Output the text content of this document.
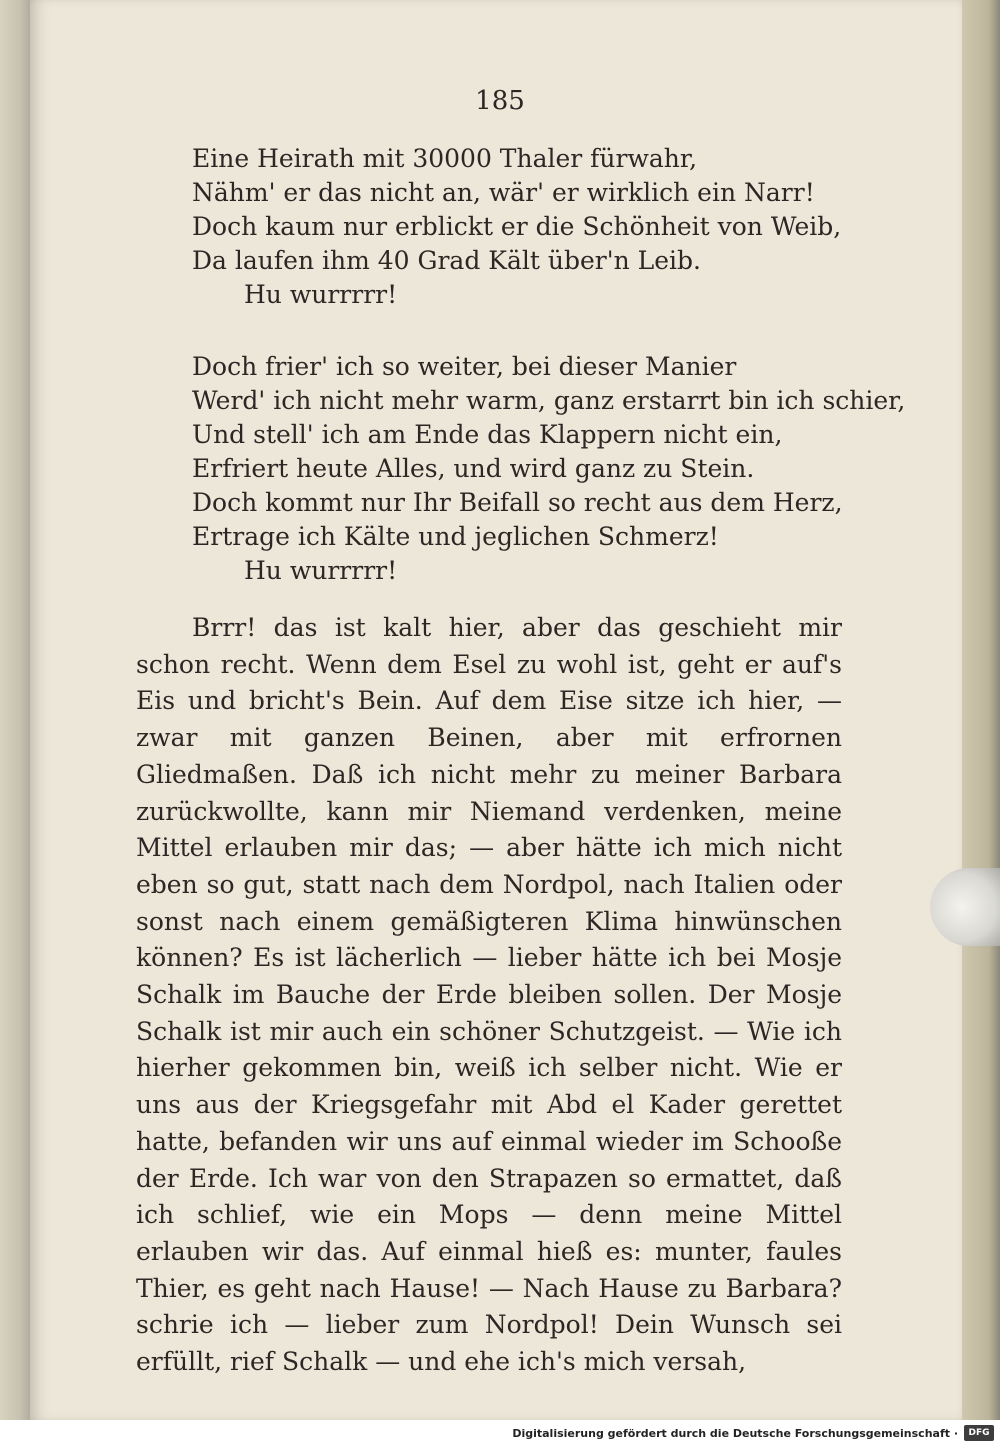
185
Eine Heirath mit 30000 Thaler fürwahr,
Nähm' er das nicht an, wär' er wirklich ein Narr!
Doch kaum nur erblickt er die Schönheit von Weib,
Da laufen ihm 40 Grad Kält über'n Leib.
Hu wurrrrr!
Doch frier' ich so weiter, bei dieser Manier
Werd' ich nicht mehr warm, ganz erstarrt bin ich schier,
Und stell' ich am Ende das Klappern nicht ein,
Erfriert heute Alles, und wird ganz zu Stein.
Doch kommt nur Ihr Beifall so recht aus dem Herz,
Ertrage ich Kälte und jeglichen Schmerz!
Hu wurrrrr!
Brrr! das ist kalt hier, aber das geschieht mir schon recht. Wenn dem Esel zu wohl ist, geht er auf's Eis und bricht's Bein. Auf dem Eise sitze ich hier, — zwar mit ganzen Beinen, aber mit erfrornen Gliedmaßen. Daß ich nicht mehr zu meiner Barbara zurückwollte, kann mir Niemand verdenken, meine Mittel erlauben mir das; — aber hätte ich mich nicht eben so gut, statt nach dem Nordpol, nach Italien oder sonst nach einem gemäßigteren Klima hinwünschen können? Es ist lächerlich — lieber hätte ich bei Mosje Schalk im Bauche der Erde bleiben sollen. Der Mosje Schalk ist mir auch ein schöner Schutzgeist. — Wie ich hierher gekommen bin, weiß ich selber nicht. Wie er uns aus der Kriegsgefahr mit Abd el Kader gerettet hatte, befanden wir uns auf einmal wieder im Schooße der Erde. Ich war von den Strapazen so ermattet, daß ich schlief, wie ein Mops — denn meine Mittel erlauben wir das. Auf einmal hieß es: munter, faules Thier, es geht nach Hause! — Nach Hause zu Barbara? schrie ich — lieber zum Nordpol! Dein Wunsch sei erfüllt, rief Schalk — und ehe ich's mich versah,
Digitalisierung gefördert durch die Deutsche Forschungsgemeinschaft ·	DFG
